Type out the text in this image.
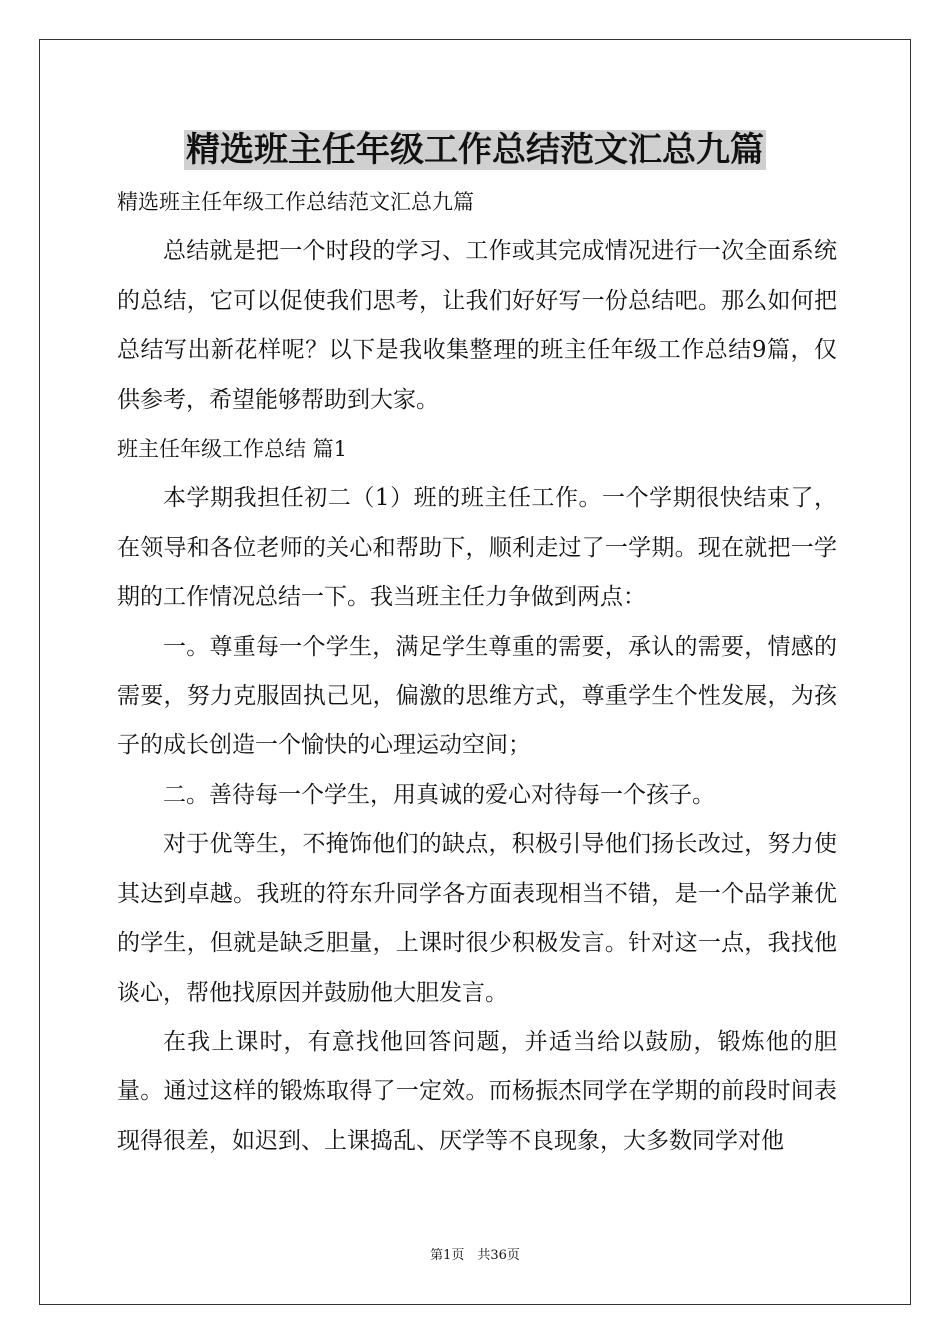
精选班主任年级工作总结范文汇总九篇

精选班主任年级工作总结范文汇总九篇

总结就是把一个时段的学习、工作或其完成情况进行一次全面系统的总结，它可以促使我们思考，让我们好好写一份总结吧。那么如何把总结写出新花样呢？以下是我收集整理的班主任年级工作总结9篇，仅供参考，希望能够帮助到大家。

班主任年级工作总结 篇1

本学期我担任初二（1）班的班主任工作。一个学期很快结束了，在领导和各位老师的关心和帮助下，顺利走过了一学期。现在就把一学期的工作情况总结一下。我当班主任力争做到两点：

一。尊重每一个学生，满足学生尊重的需要，承认的需要，情感的需要，努力克服固执己见，偏激的思维方式，尊重学生个性发展，为孩子的成长创造一个愉快的心理运动空间；

二。善待每一个学生，用真诚的爱心对待每一个孩子。

对于优等生，不掩饰他们的缺点，积极引导他们扬长改过，努力使其达到卓越。我班的符东升同学各方面表现相当不错，是一个品学兼优的学生，但就是缺乏胆量，上课时很少积极发言。针对这一点，我找他谈心，帮他找原因并鼓励他大胆发言。

在我上课时，有意找他回答问题，并适当给以鼓励，锻炼他的胆量。通过这样的锻炼取得了一定效。而杨振杰同学在学期的前段时间表现得很差，如迟到、上课捣乱、厌学等不良现象，大多数同学对他

第1页　共36页
